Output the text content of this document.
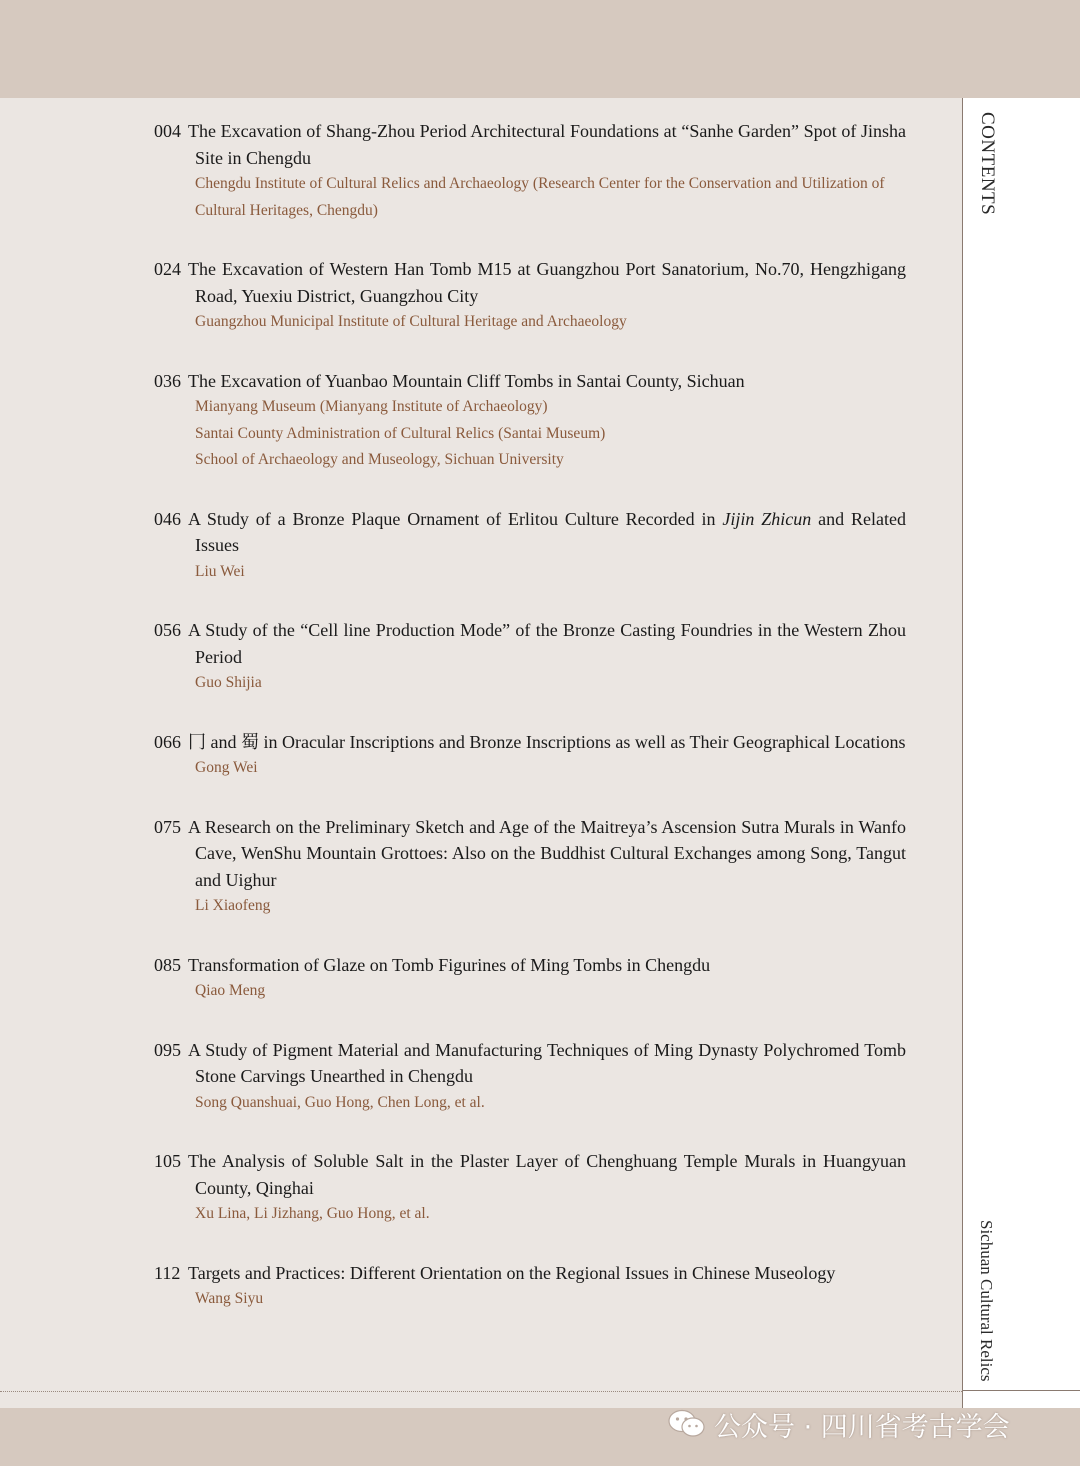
CONTENTS
Sichuan Cultural Relics
004 The Excavation of Shang-Zhou Period Architectural Foundations at “Sanhe Garden” Spot of Jinsha Site in Chengdu
Chengdu Institute of Cultural Relics and Archaeology (Research Center for the Conservation and Utilization of Cultural Heritages, Chengdu)
024 The Excavation of Western Han Tomb M15 at Guangzhou Port Sanatorium, No.70, Hengzhigang Road, Yuexiu District, Guangzhou City
Guangzhou Municipal Institute of Cultural Heritage and Archaeology
036 The Excavation of Yuanbao Mountain Cliff Tombs in Santai County, Sichuan
Mianyang Museum (Mianyang Institute of Archaeology)
Santai County Administration of Cultural Relics (Santai Museum)
School of Archaeology and Museology, Sichuan University
046 A Study of a Bronze Plaque Ornament of Erlitou Culture Recorded in Jijin Zhicun and Related Issues
Liu Wei
056 A Study of the “Cell line Production Mode” of the Bronze Casting Foundries in the Western Zhou Period
Guo Shijia
066 冂 and 蜀 in Oracular Inscriptions and Bronze Inscriptions as well as Their Geographical Locations
Gong Wei
075 A Research on the Preliminary Sketch and Age of the Maitreya’s Ascension Sutra Murals in Wanfo Cave, WenShu Mountain Grottoes: Also on the Buddhist Cultural Exchanges among Song, Tangut and Uighur
Li Xiaofeng
085 Transformation of Glaze on Tomb Figurines of Ming Tombs in Chengdu
Qiao Meng
095 A Study of Pigment Material and Manufacturing Techniques of Ming Dynasty Polychromed Tomb Stone Carvings Unearthed in Chengdu
Song Quanshuai, Guo Hong, Chen Long, et al.
105 The Analysis of Soluble Salt in the Plaster Layer of Chenghuang Temple Murals in Huangyuan County, Qinghai
Xu Lina, Li Jizhang, Guo Hong, et al.
112 Targets and Practices: Different Orientation on the Regional Issues in Chinese Museology
Wang Siyu
公众号 · 四川省考古学会
